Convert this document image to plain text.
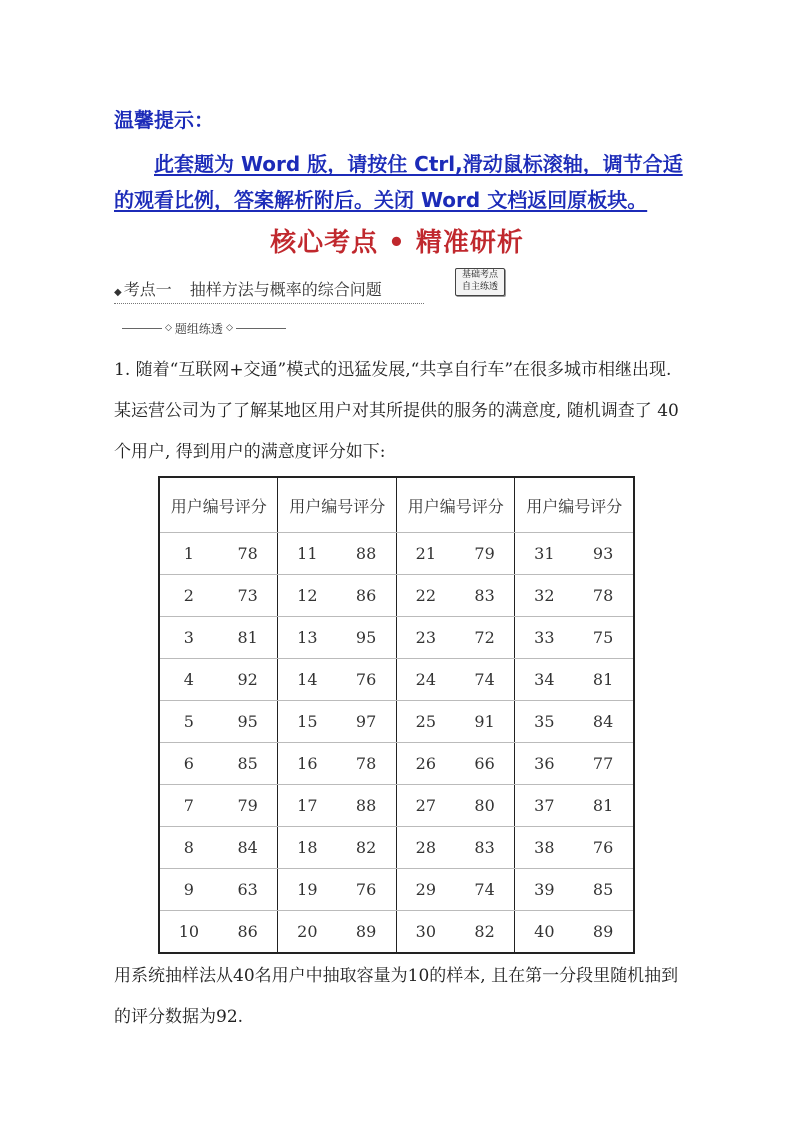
温馨提示：
此套题为 Word 版，请按住 Ctrl,滑动鼠标滚轴，调节合适的观看比例，答案解析附后。关闭 Word 文档返回原板块。
核心考点 • 精准研析
◆ 考点一 抽样方法与概率的综合问题
基础考点
自主练透
◇ 题组练透 ◇
1. 随着“互联网+交通”模式的迅猛发展,“共享自行车”在很多城市相继出现. 某运营公司为了了解某地区用户对其所提供的服务的满意度, 随机调查了 40 个用户, 得到用户的满意度评分如下:
用户编号评分		用户编号评分		用户编号评分		用户编号评分	
1	78	11	88	21	79	31	93
2	73	12	86	22	83	32	78
3	81	13	95	23	72	33	75
4	92	14	76	24	74	34	81
5	95	15	97	25	91	35	84
6	85	16	78	26	66	36	77
7	79	17	88	27	80	37	81
8	84	18	82	28	83	38	76
9	63	19	76	29	74	39	85
10	86	20	89	30	82	40	89
用系统抽样法从40名用户中抽取容量为10的样本, 且在第一分段里随机抽到的评分数据为92.
